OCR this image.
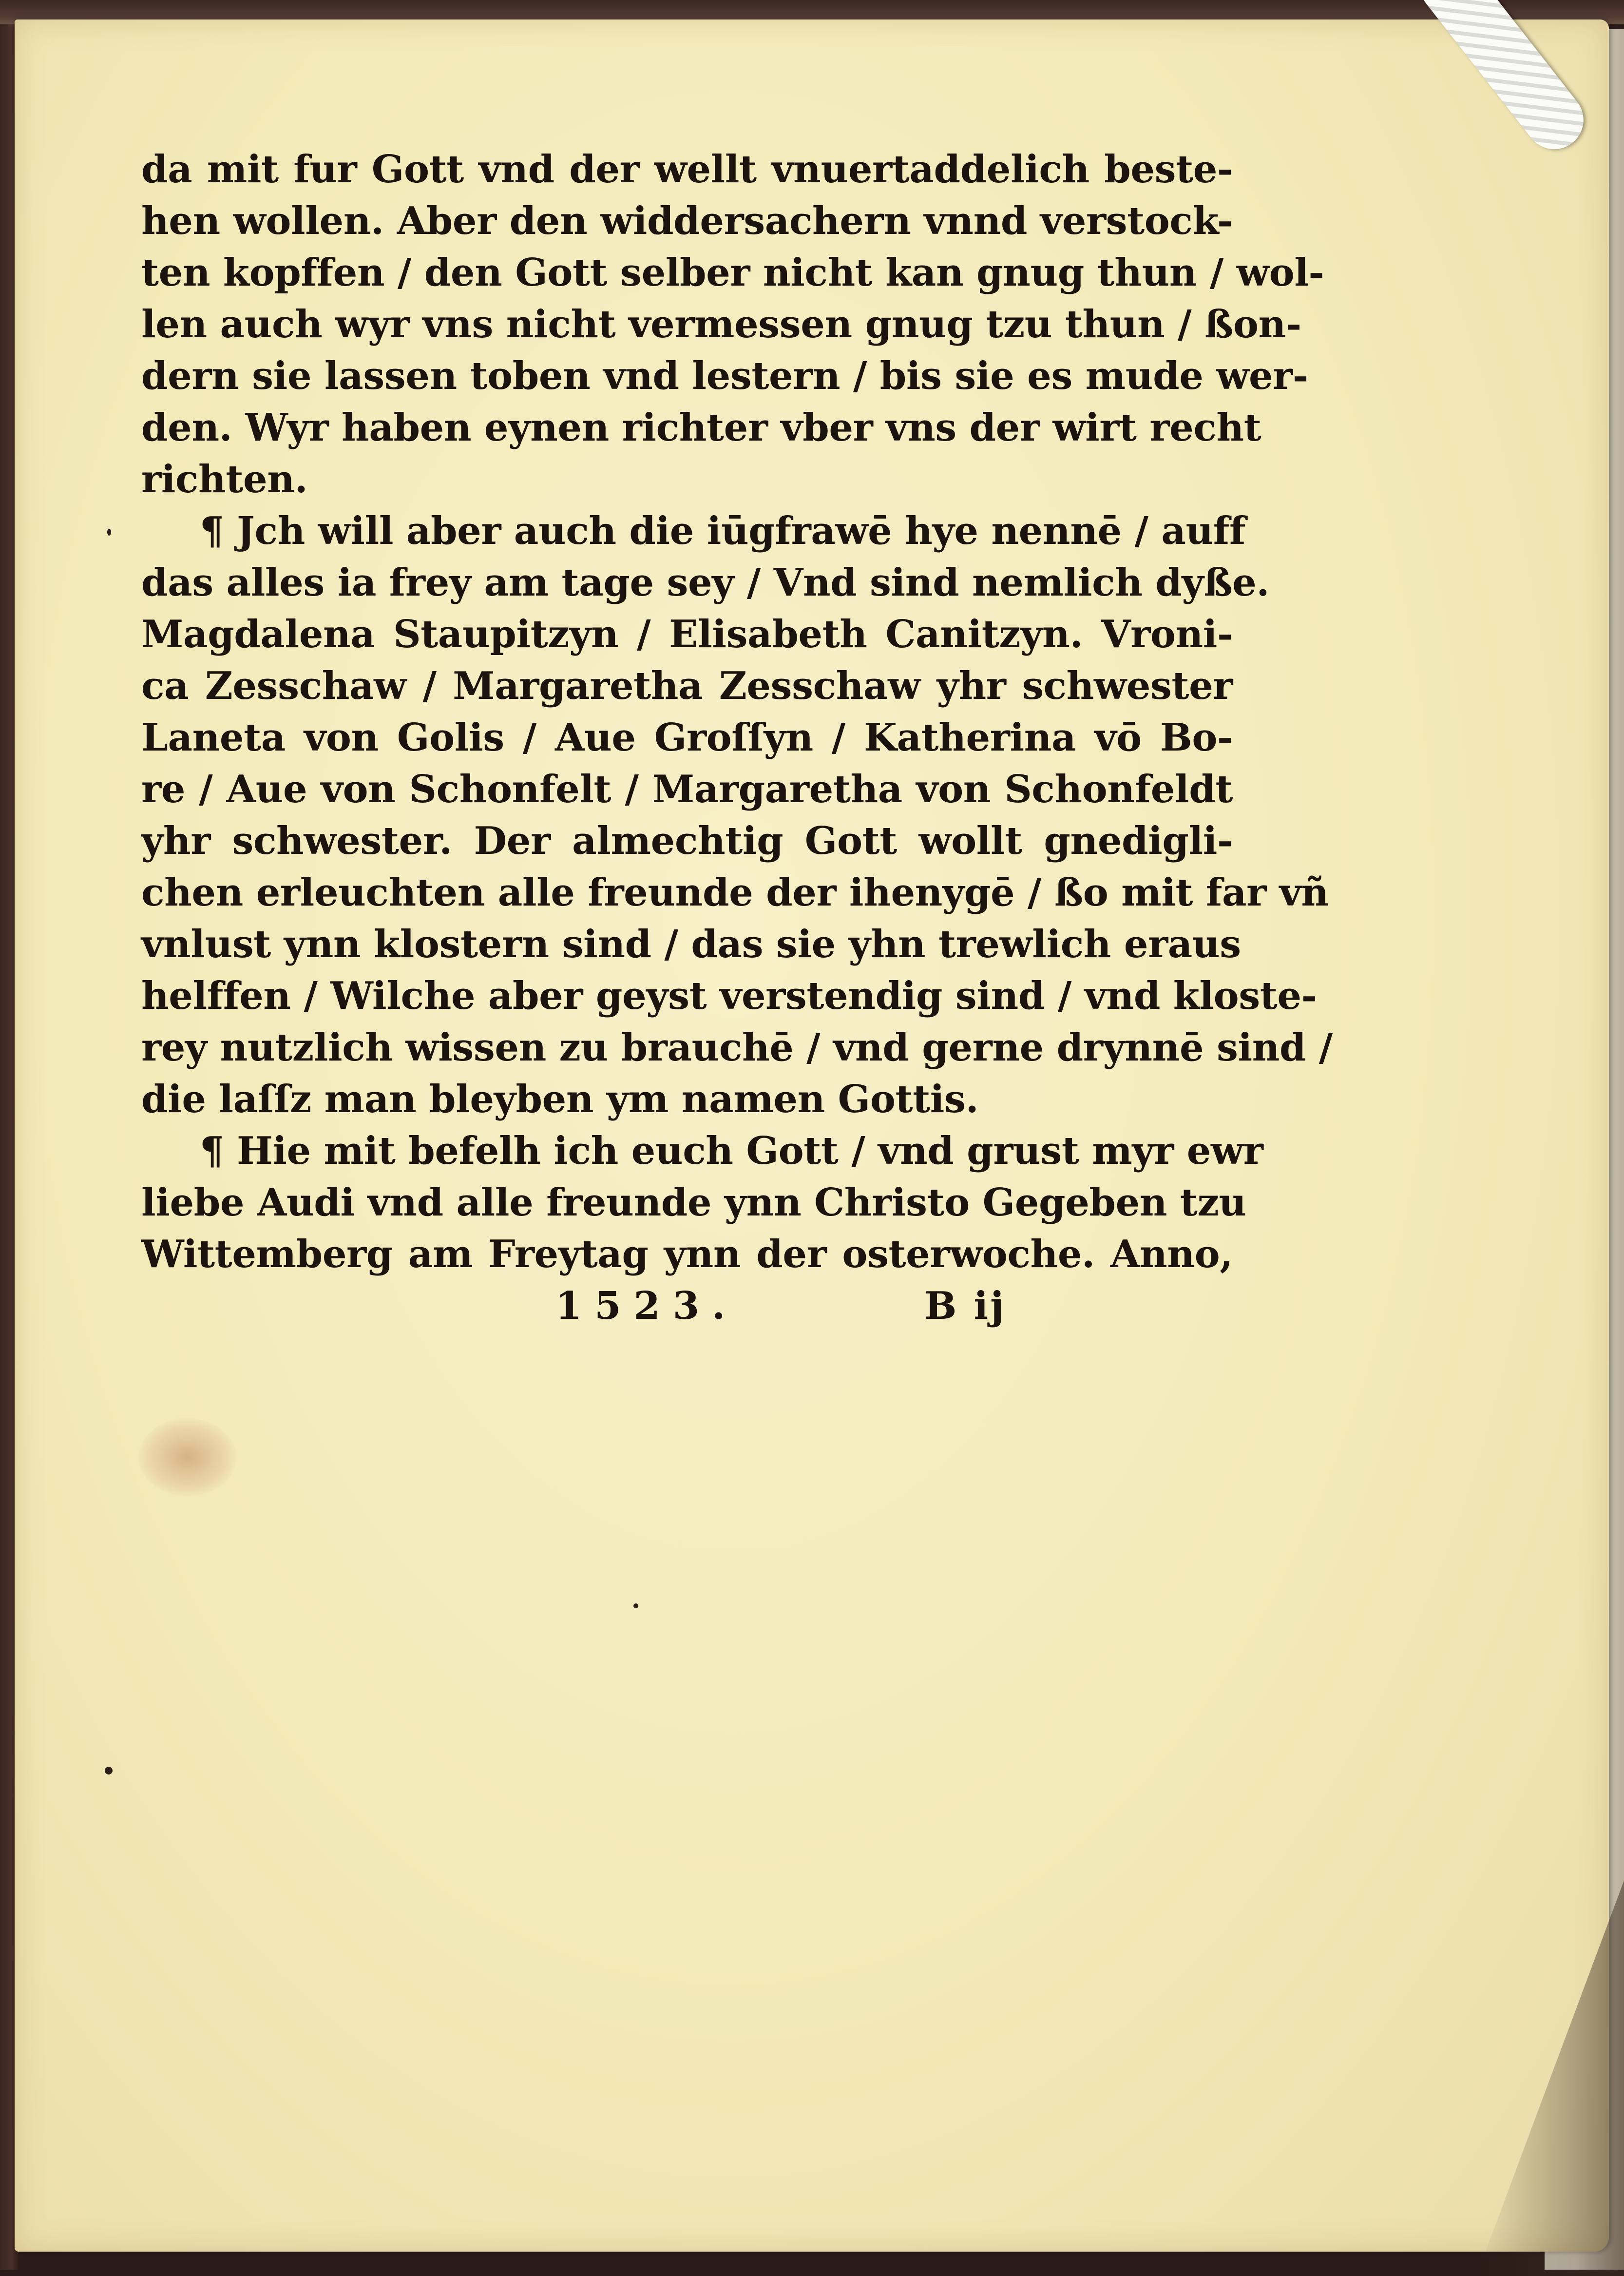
da mit fur Gott vnd der wellt vnuertaddelich beste-
hen wollen. Aber den widdersachern vnnd verstock-
ten kopffen / den Gott selber nicht kan gnug thun / wol-
len auch wyr vns nicht vermessen gnug tzu thun / ßon-
dern sie lassen toben vnd lestern / bis sie es mude wer-
den. Wyr haben eynen richter vber vns der wirt recht
richten.
¶ Jch will aber auch die iūgfrawē hye nennē / auff
das alles ia frey am tage sey / Vnd sind nemlich dyße.
Magdalena Staupitzyn / Elisabeth Canitzyn. Vroni-
ca Zesschaw / Margaretha Zesschaw yhr schwester
Laneta von Golis / Aue Groſſyn / Katherina vō Bo-
re / Aue von Schonfelt / Margaretha von Schonfeldt
yhr schwester. Der almechtig Gott wollt gnedigli-
chen erleuchten alle freunde der ihenygē / ßo mit far vñ
vnlust ynn klostern sind / das sie yhn trewlich eraus
helffen / Wilche aber geyst verstendig sind / vnd kloste-
rey nutzlich wissen zu brauchē / vnd gerne drynnē sind /
die laſſz man bleyben ym namen Gottis.
¶ Hie mit befelh ich euch Gott / vnd grust myr ewr
liebe Audi vnd alle freunde ynn Christo Gegeben tzu
Wittemberg am Freytag ynn der osterwoche. Anno,
1523.	B ij
